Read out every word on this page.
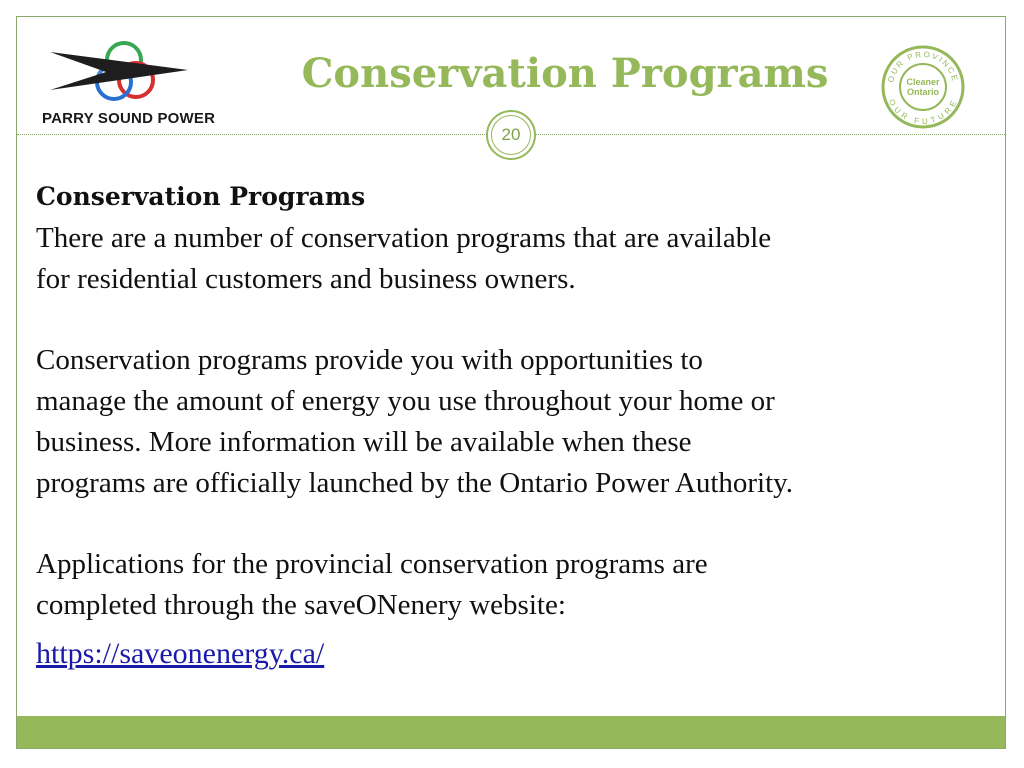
PARRY SOUND POWER
Conservation Programs	OUR PROVINCE
OUR FUTURE
Cleaner
Ontario
20

Conservation Programs

There are a number of conservation programs that are available

for residential customers and business owners.

Conservation programs provide you with opportunities to

manage the amount of energy you use throughout your home or

business. More information will be available when these

programs are officially launched by the Ontario Power Authority.

Applications for the provincial conservation programs are

completed through the saveONenery website:

https://saveonenergy.ca/
